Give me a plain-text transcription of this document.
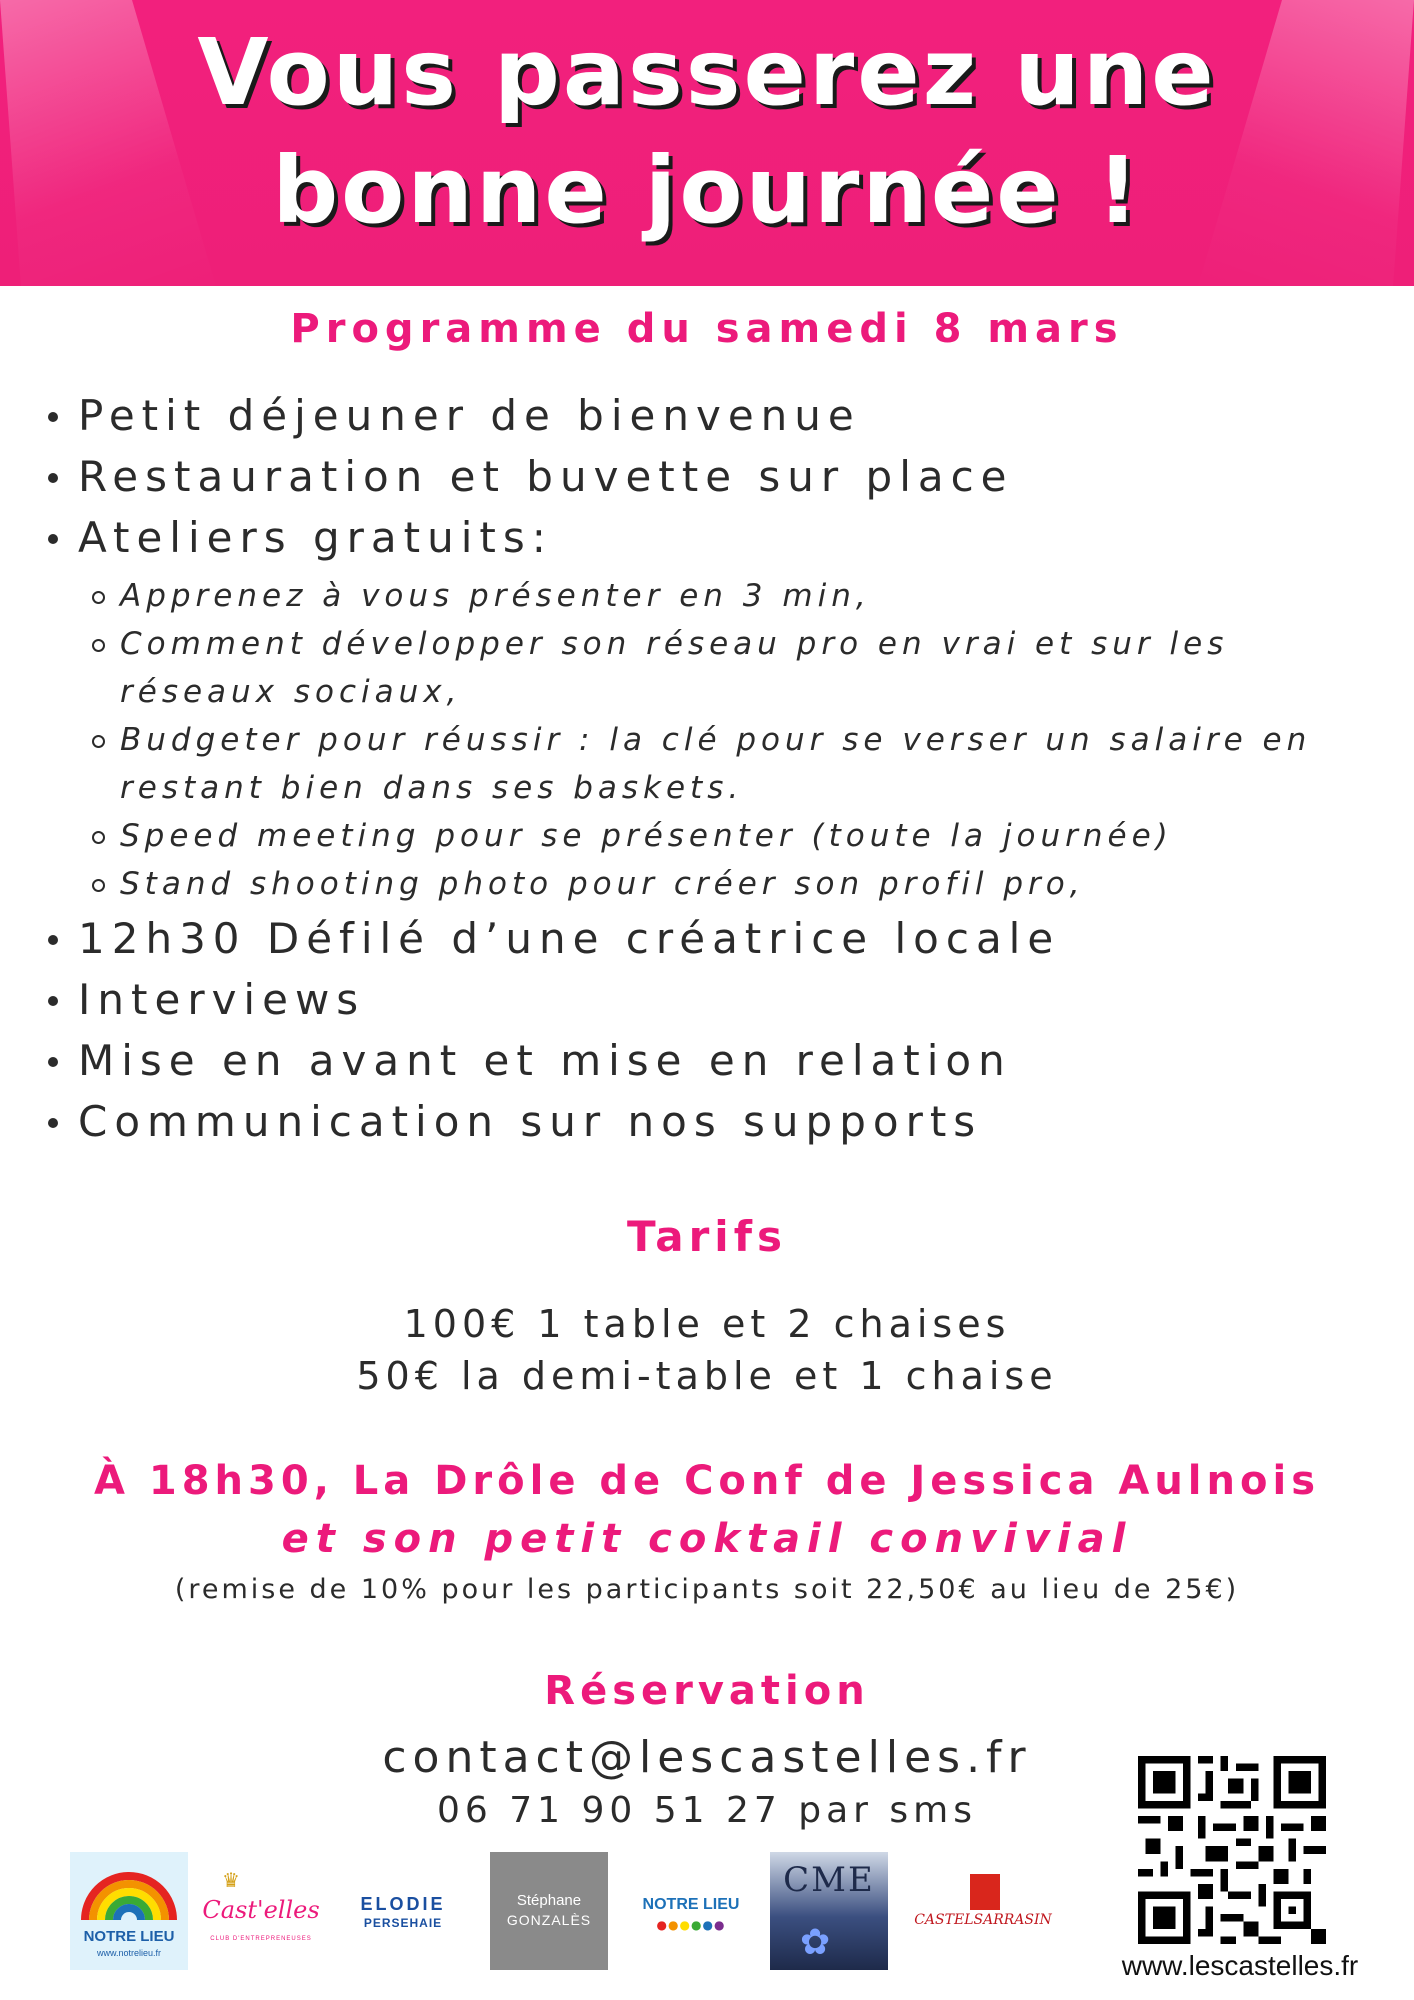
Vous passerez une
bonne journée !
Programme du samedi 8 mars
Petit déjeuner de bienvenue
Restauration et buvette sur place
Ateliers gratuits:
Apprenez à vous présenter en 3 min,
Comment développer son réseau pro en vrai et sur les réseaux sociaux,
Budgeter pour réussir : la clé pour se verser un salaire en restant bien dans ses baskets.
Speed meeting pour se présenter (toute la journée)
Stand shooting photo pour créer son profil pro,
12h30 Défilé d’une créatrice locale
Interviews
Mise en avant et mise en relation
Communication sur nos supports
Tarifs
100€ 1 table et 2 chaises
50€ la demi-table et 1 chaise
À 18h30, La Drôle de Conf de Jessica Aulnois
et son petit coktail convivial
(remise de 10% pour les participants soit 22,50€ au lieu de 25€)
Réservation
contact@lescastelles.fr
06 71 90 51 27 par sms
www.lescastelles.fr
NOTRE LIEU
www.notrelieu.fr
♛
Cast'elles
CLUB D'ENTREPRENEUSES
ELODIE
PERSEHAIE
Stéphane
GONZALÈS
NOTRE LIEU
●●●●●●
CME
✿
CASTELSARRASIN
